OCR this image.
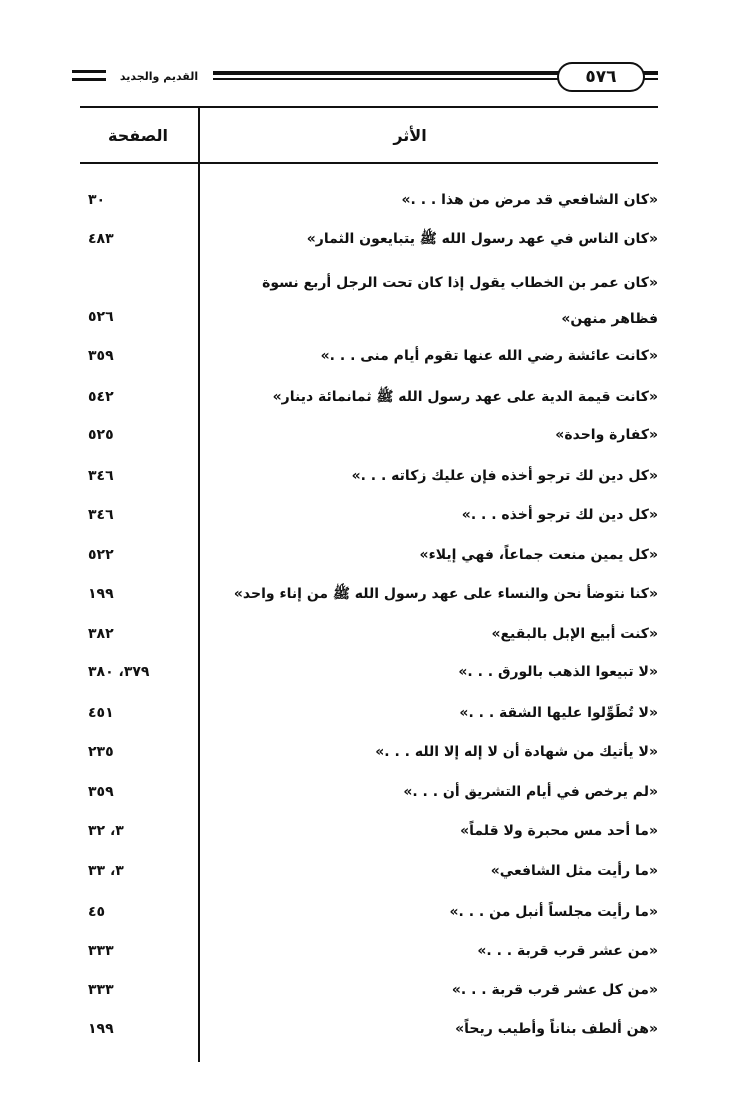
القديم والجديد	٥٧٦
الأثر
الصفحة
«كان الشافعي قد مرض من هذا . . .»
٣٠
«كان الناس في عهد رسول الله ﷺ يتبايعون الثمار»
٤٨٣
«كان عمر بن الخطاب يقول إذا كان تحت الرجل أربع نسوة فظاهر منهن»
٥٢٦
«كانت عائشة رضي الله عنها تقوم أيام منى . . .»
٣٥٩
«كانت قيمة الدية على عهد رسول الله ﷺ ثمانمائة دينار»
٥٤٢
«كفارة واحدة»
٥٢٥
«كل دين لك ترجو أخذه فإن عليك زكاته . . .»
٣٤٦
«كل دين لك ترجو أخذه . . .»
٣٤٦
«كل يمين منعت جماعاً، فهي إيلاء»
٥٢٢
«كنا نتوضأ نحن والنساء على عهد رسول الله ﷺ من إناء واحد»
١٩٩
«كنت أبيع الإبل بالبقيع»
٣٨٢
«لا تبيعوا الذهب بالورق . . .»
٣٧٩، ٣٨٠
«لا تُطَوِّلوا عليها الشقة . . .»
٤٥١
«لا يأتيك من شهادة أن لا إله إلا الله . . .»
٢٣٥
«لم يرخص في أيام التشريق أن . . .»
٣٥٩
«ما أحد مس محبرة ولا قلماً»
٣، ٣٢
«ما رأيت مثل الشافعي»
٣، ٣٣
«ما رأيت مجلساً أنبل من . . .»
٤٥
«من عشر قرب قربة . . .»
٣٣٣
«من كل عشر قرب قربة . . .»
٣٣٣
«هن ألطف بناناً وأطيب ريحاً»
١٩٩
